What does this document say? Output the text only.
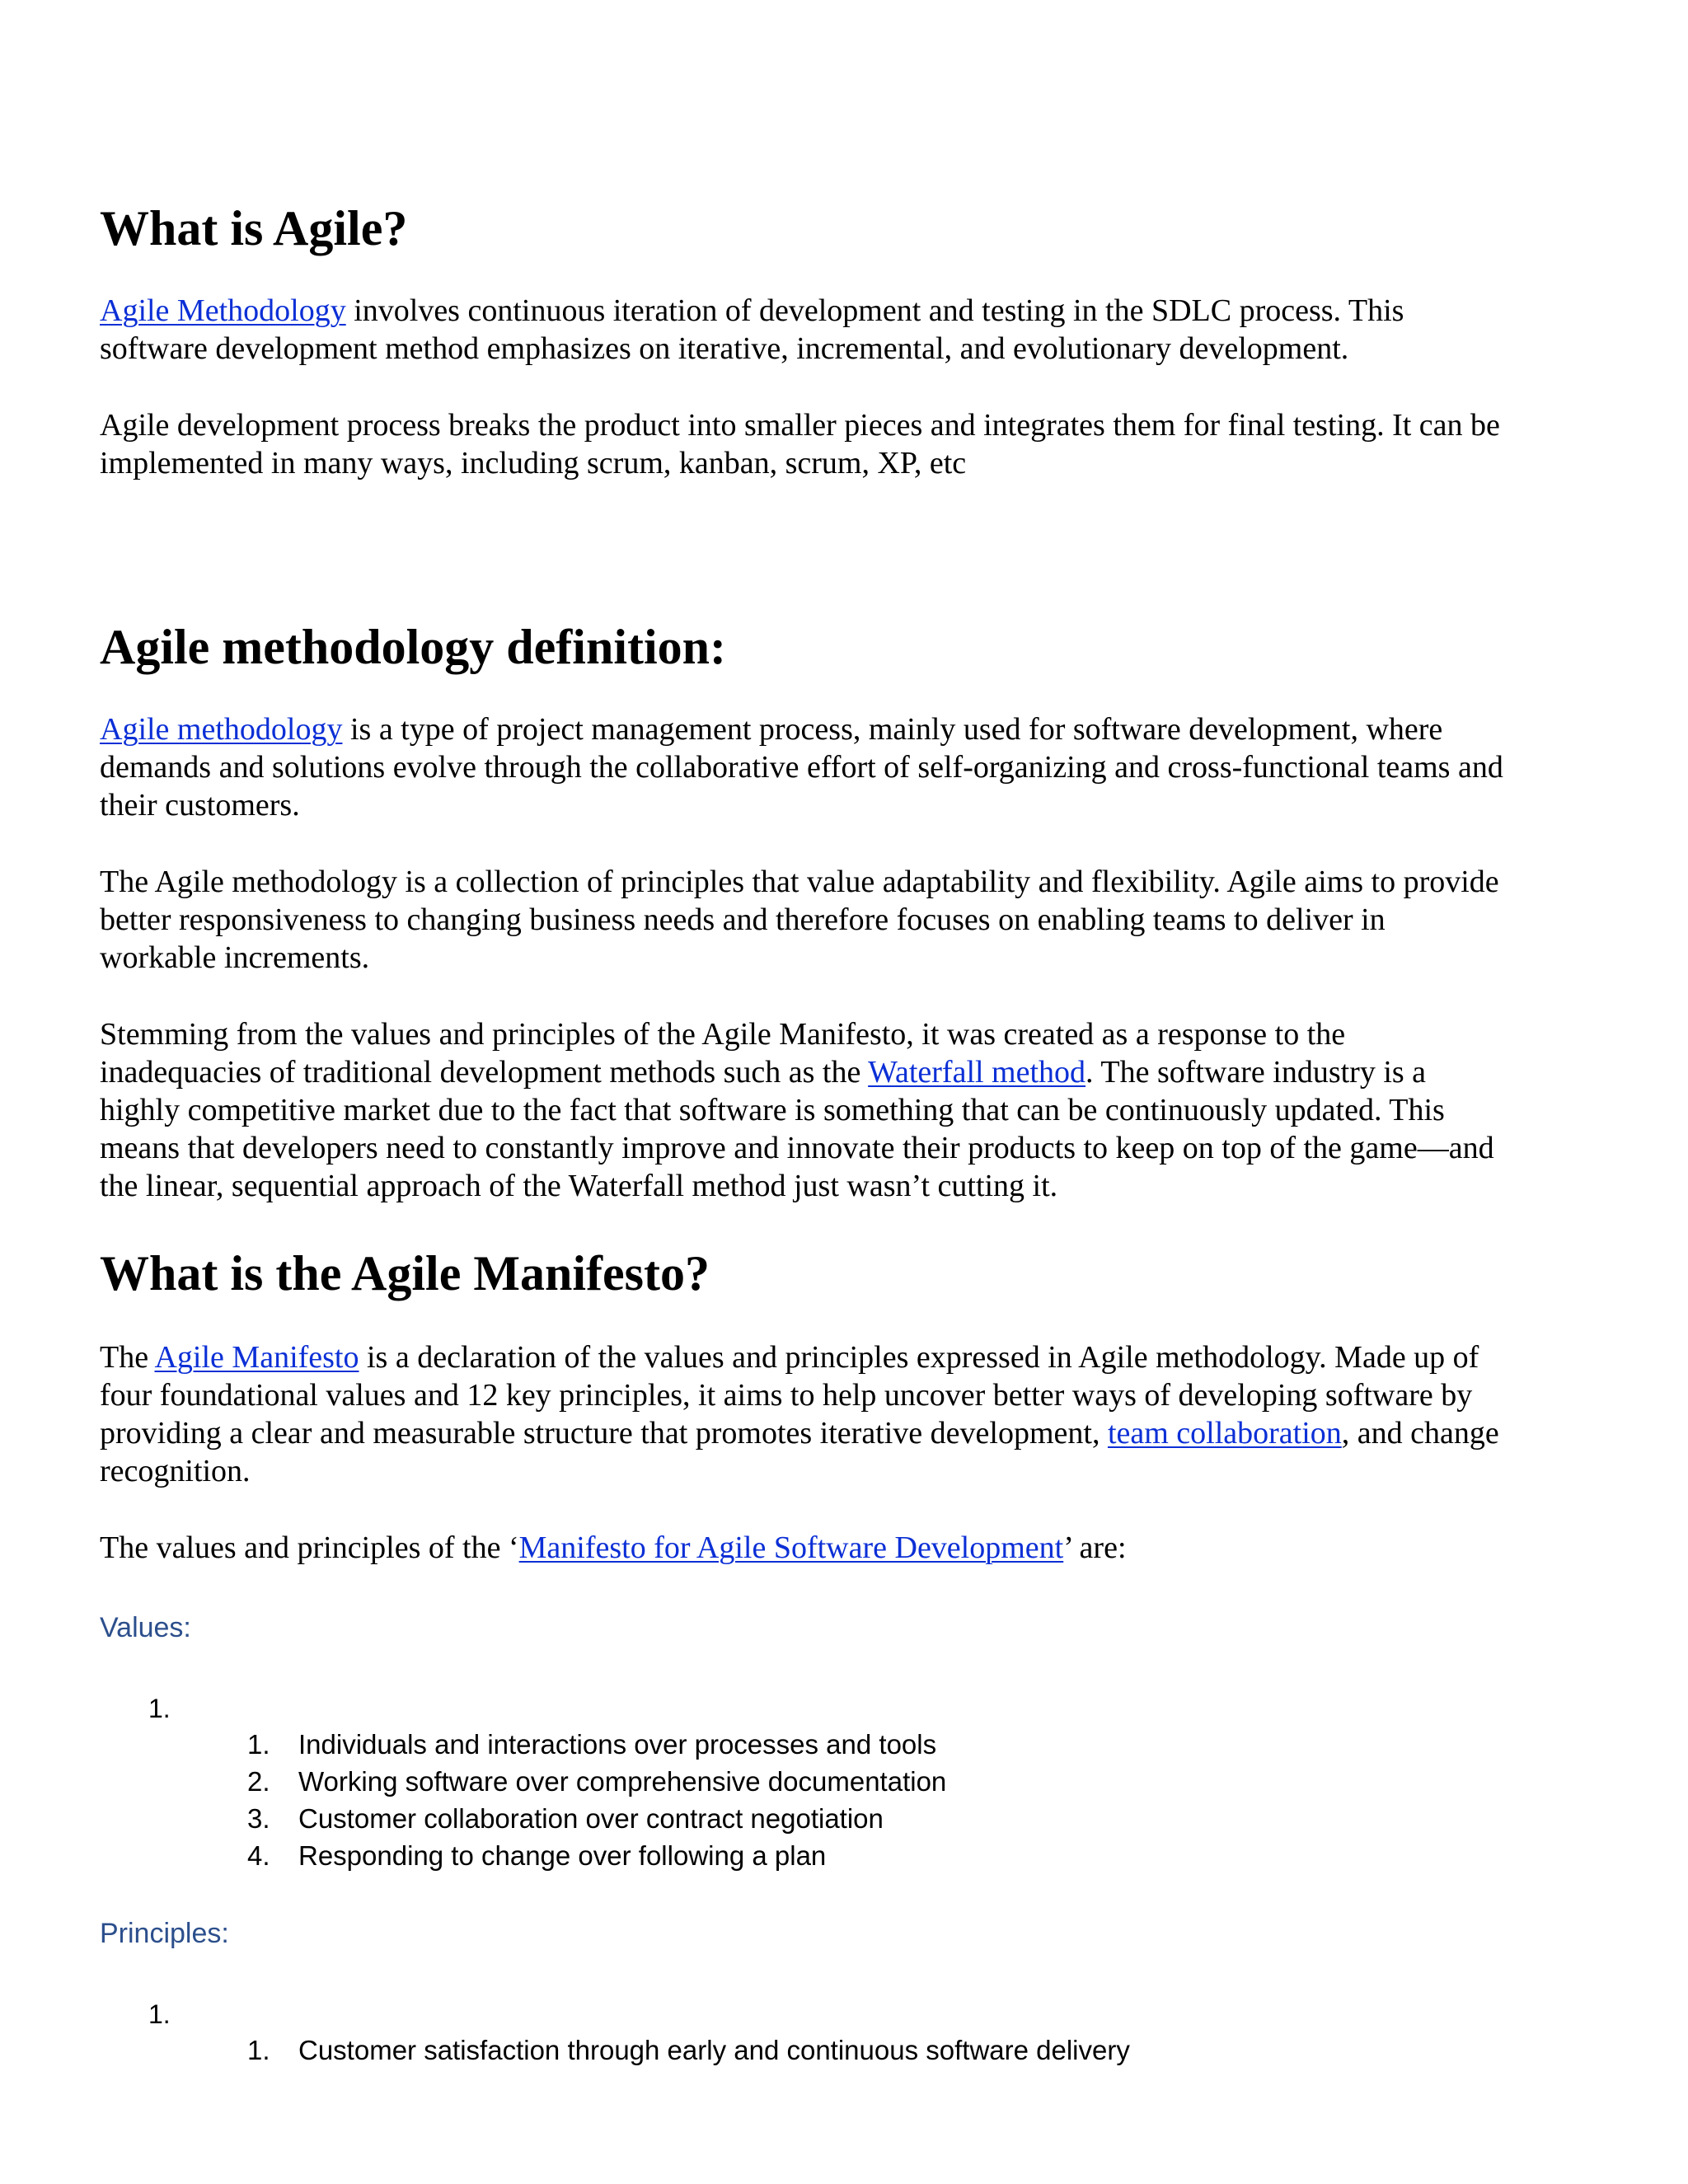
What is Agile?
Agile Methodology involves continuous iteration of development and testing in the SDLC process. This
software development method emphasizes on iterative, incremental, and evolutionary development.
Agile development process breaks the product into smaller pieces and integrates them for final testing. It can be
implemented in many ways, including scrum, kanban, scrum, XP, etc
Agile methodology definition:
Agile methodology is a type of project management process, mainly used for software development, where
demands and solutions evolve through the collaborative effort of self-organizing and cross-functional teams and
their customers.
The Agile methodology is a collection of principles that value adaptability and flexibility. Agile aims to provide
better responsiveness to changing business needs and therefore focuses on enabling teams to deliver in
workable increments.
Stemming from the values and principles of the Agile Manifesto, it was created as a response to the
inadequacies of traditional development methods such as the Waterfall method. The software industry is a
highly competitive market due to the fact that software is something that can be continuously updated. This
means that developers need to constantly improve and innovate their products to keep on top of the game—and
the linear, sequential approach of the Waterfall method just wasn’t cutting it.
What is the Agile Manifesto?
The Agile Manifesto is a declaration of the values and principles expressed in Agile methodology. Made up of
four foundational values and 12 key principles, it aims to help uncover better ways of developing software by
providing a clear and measurable structure that promotes iterative development, team collaboration, and change
recognition.
The values and principles of the ‘Manifesto for Agile Software Development’ are:
Values:
1.
1.	Individuals and interactions over processes and tools
2.	Working software over comprehensive documentation
3.	Customer collaboration over contract negotiation
4.	Responding to change over following a plan
Principles:
1.
1.	Customer satisfaction through early and continuous software delivery
